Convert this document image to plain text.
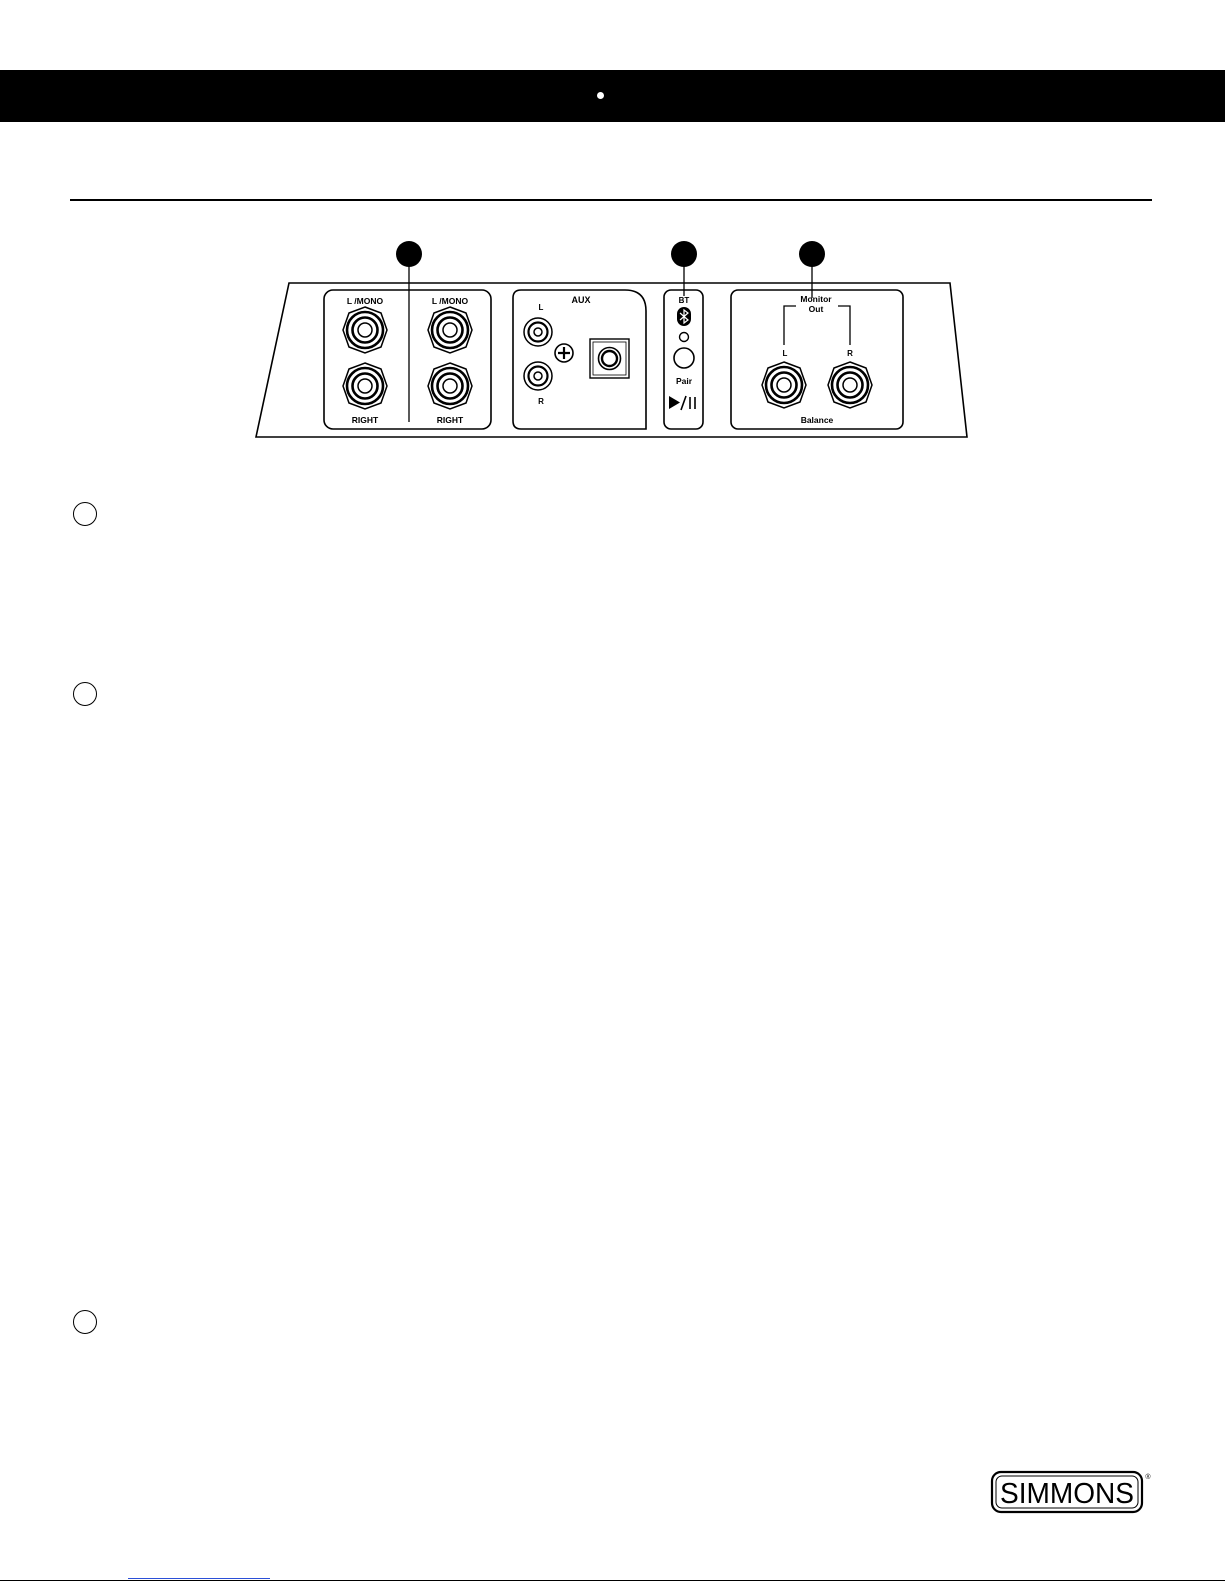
L /MONO
RIGHT
L /MONO
RIGHT
AUX
L
R
BT
Pair
Monitor
Out
L	R
Balance
SIMMONS
®
